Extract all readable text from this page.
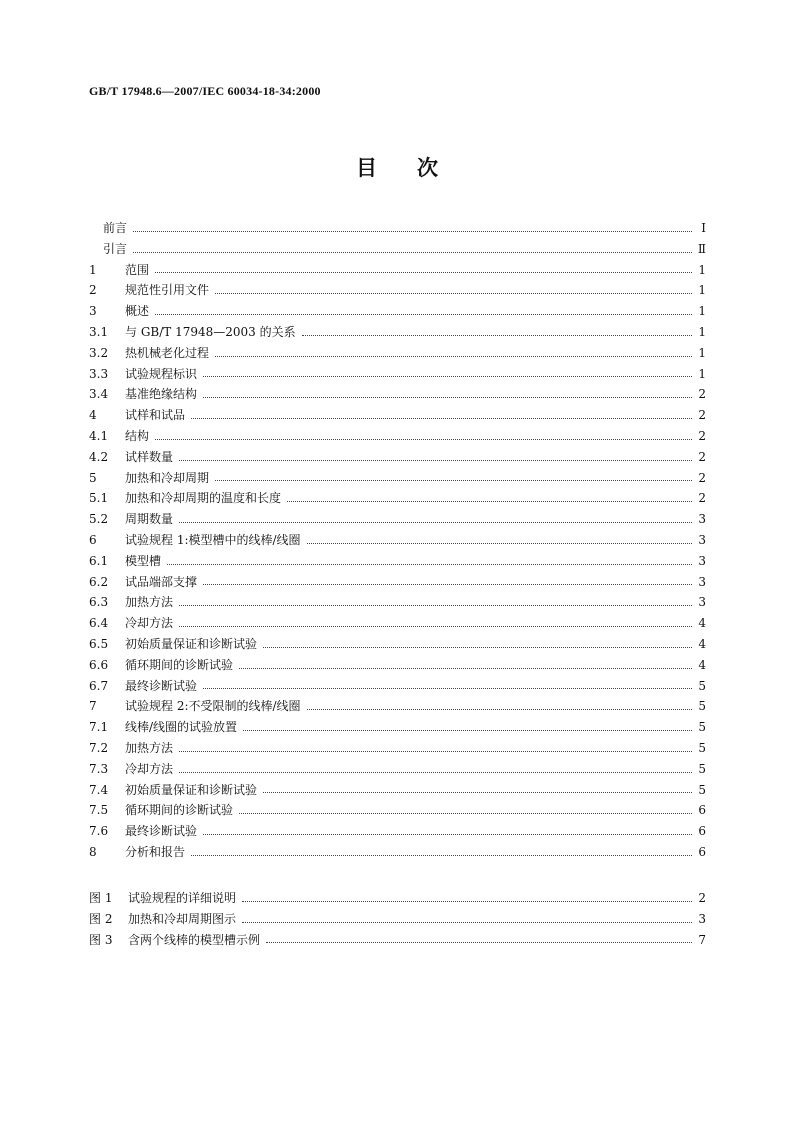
GB/T 17948.6—2007/IEC 60034-18-34:2000
目次
前言	Ⅰ
引言	Ⅱ
1	范围	1
2	规范性引用文件	1
3	概述	1
3.1	与 GB/T 17948—2003 的关系	1
3.2	热机械老化过程	1
3.3	试验规程标识	1
3.4	基准绝缘结构	2
4	试样和试品	2
4.1	结构	2
4.2	试样数量	2
5	加热和冷却周期	2
5.1	加热和冷却周期的温度和长度	2
5.2	周期数量	3
6	试验规程 1:模型槽中的线棒/线圈	3
6.1	模型槽	3
6.2	试品端部支撑	3
6.3	加热方法	3
6.4	冷却方法	4
6.5	初始质量保证和诊断试验	4
6.6	循环期间的诊断试验	4
6.7	最终诊断试验	5
7	试验规程 2:不受限制的线棒/线圈	5
7.1	线棒/线圈的试验放置	5
7.2	加热方法	5
7.3	冷却方法	5
7.4	初始质量保证和诊断试验	5
7.5	循环期间的诊断试验	6
7.6	最终诊断试验	6
8	分析和报告	6
图 1	试验规程的详细说明	2
图 2	加热和冷却周期图示	3
图 3	含两个线棒的模型槽示例	7
